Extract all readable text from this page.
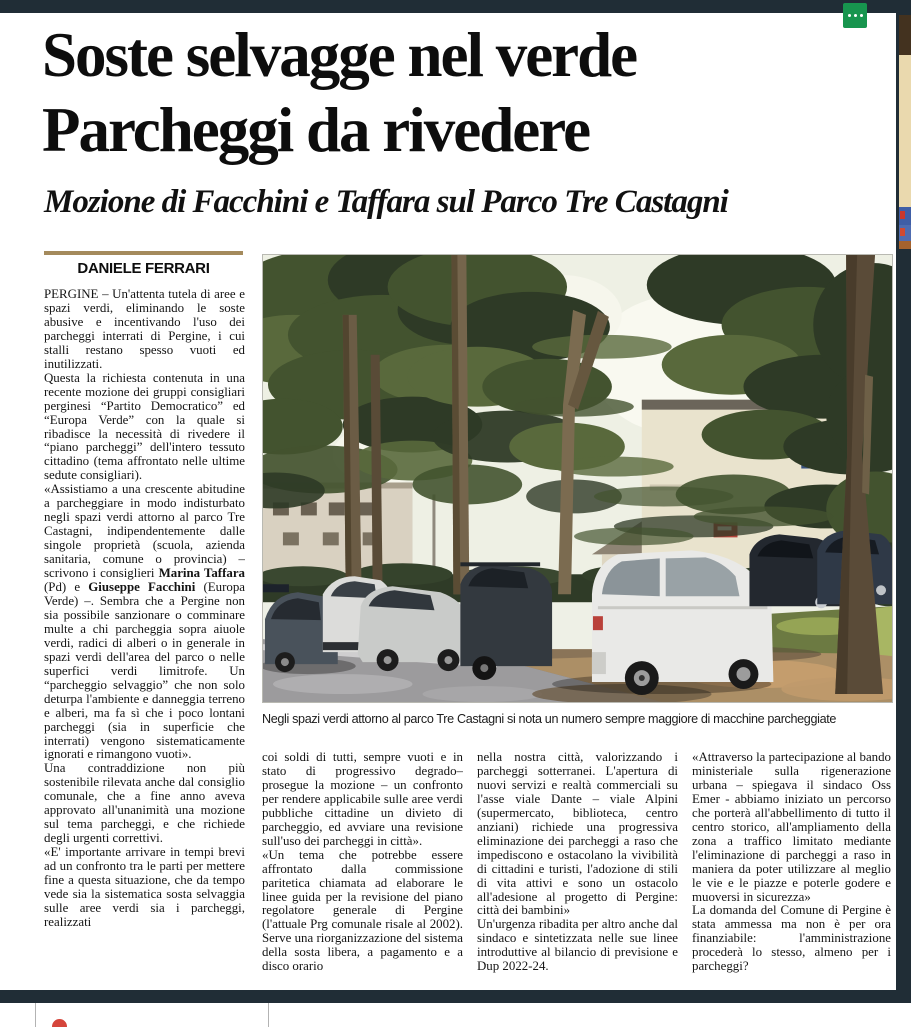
Soste selvagge nel verde
Parcheggi da rivedere
Mozione di Facchini e Taffara sul Parco Tre Castagni
DANIELE FERRARI

PERGINE – Un'attenta tutela di aree e spazi verdi, eliminando le soste abusive e incentivando l'uso dei parcheggi interrati di Pergine, i cui stalli restano spesso vuoti ed inutilizzati.

Questa la richiesta contenuta in una recente mozione dei gruppi consigliari perginesi “Partito Democratico” ed “Europa Verde” con la quale si ribadisce la necessità di rivedere il “piano parcheggi” dell'intero tessuto cittadino (tema affrontato nelle ultime sedute consigliari).

«Assistiamo a una crescente abitudine a parcheggiare in modo indisturbato negli spazi verdi attorno al parco Tre Castagni, indipendentemente dalle singole proprietà (scuola, azienda sanitaria, comune o provincia) – scrivono i consiglieri Marina Taffara (Pd) e Giuseppe Facchini (Europa Verde) –. Sembra che a Pergine non sia possibile sanzionare o comminare multe a chi parcheggia sopra aiuole verdi, radici di alberi o in generale in spazi verdi dell'area del parco o nelle superfici verdi limitrofe. Un “parcheggio selvaggio” che non solo deturpa l'ambiente e danneggia terreno e alberi, ma fa sì che i poco lontani parcheggi (sia in superficie che interrati) vengono sistematicamente ignorati e rimangono vuoti».

Una contraddizione non più sostenibile rilevata anche dal consiglio comunale, che a fine anno aveva approvato all'unanimità una mozione sul tema parcheggi, e che richiede degli urgenti correttivi.

«E' importante arrivare in tempi brevi ad un confronto tra le parti per mettere fine a questa situazione, che da tempo vede sia la sistematica sosta selvaggia sulle aree verdi sia i parcheggi, realizzati

Negli spazi verdi attorno al parco Tre Castagni si nota un numero sempre maggiore di macchine parcheggiate

coi soldi di tutti, sempre vuoti e in stato di progressivo degrado– prosegue la mozione – un confronto per rendere applicabile sulle aree verdi pubbliche cittadine un divieto di parcheggio, ed avviare una revisione sull'uso dei parcheggi in città».

«Un tema che potrebbe essere affrontato dalla commissione paritetica chiamata ad elaborare le linee guida per la revisione del piano regolatore generale di Pergine (l'attuale Prg comunale risale al 2002). Serve una riorganizzazione del sistema della sosta libera, a pagamento e a disco orario

nella nostra città, valorizzando i parcheggi sotterranei. L'apertura di nuovi servizi e realtà commerciali su l'asse viale Dante – viale Alpini (supermercato, biblioteca, centro anziani) richiede una progressiva eliminazione dei parcheggi a raso che impediscono e ostacolano la vivibilità di cittadini e turisti, l'adozione di stili di vita attivi e sono un ostacolo all'adesione al progetto di Pergine: città dei bambini»

Un'urgenza ribadita per altro anche dal sindaco e sintetizzata nelle sue linee introduttive al bilancio di previsione e Dup 2022-24.

«Attraverso la partecipazione al bando ministeriale sulla rigenerazione urbana – spiegava il sindaco Oss Emer - abbiamo iniziato un percorso che porterà all'abbellimento di tutto il centro storico, all'ampliamento della zona a traffico limitato mediante l'eliminazione di parcheggi a raso in maniera da poter utilizzare al meglio le vie e le piazze e poterle godere e muoversi in sicurezza»

La domanda del Comune di Pergine è stata ammessa ma non è per ora finanziabile: l'amministrazione procederà lo stesso, almeno per i parcheggi?
